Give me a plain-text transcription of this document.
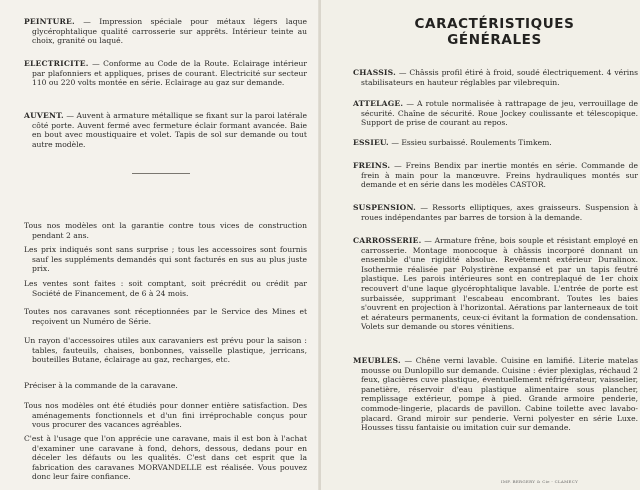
PEINTURE. — Impression spéciale pour métaux légers laque glycérophtalique qualité carrosserie sur apprêts. Intérieur teinte au choix, granité ou laqué.

ELECTRICITE. — Conforme au Code de la Route. Eclairage intérieur par plafonniers et appliques, prises de courant. Electricité sur secteur 110 ou 220 volts montée en série. Eclairage au gaz sur demande.

AUVENT. — Auvent à armature métallique se fixant sur la paroi latérale côté porte. Auvent fermé avec fermeture éclair formant avancée. Baie en bout avec moustiquaire et volet. Tapis de sol sur demande ou tout autre modèle.

Tous nos modèles ont la garantie contre tous vices de construction pendant 2 ans.

Les prix indiqués sont sans surprise ; tous les accessoires sont fournis sauf les suppléments demandés qui sont facturés en sus au plus juste prix.

Les ventes sont faites : soit comptant, soit précrédit ou crédit par Société de Financement, de 6 à 24 mois.

Toutes nos caravanes sont réceptionnées par le Service des Mines et reçoivent un Numéro de Série.

Un rayon d'accessoires utiles aux caravaniers est prévu pour la saison : tables, fauteuils, chaises, bonbonnes, vaisselle plastique, jerricans, bouteilles Butane, éclairage au gaz, recharges, etc.

Préciser à la commande de la caravane.

Tous nos modèles ont été étudiés pour donner entière satisfaction. Des aménagements fonctionnels et d'un fini irréprochable conçus pour vous procurer des vacances agréables.

C'est à l'usage que l'on apprécie une caravane, mais il est bon à l'achat d'examiner une caravane à fond, dehors, dessous, dedans pour en déceler les défauts ou les qualités. C'est dans cet esprit que la fabrication des caravanes MORVANDELLE est réalisée. Vous pouvez donc leur faire confiance.

CARACTÉRISTIQUES GÉNÉRALES

CHASSIS. — Châssis profil étiré à froid, soudé électriquement. 4 vérins stabilisateurs en hauteur réglables par vilebrequin.

ATTELAGE. — A rotule normalisée à rattrapage de jeu, verrouillage de sécurité. Chaîne de sécurité. Roue Jockey coulissante et télescopique. Support de prise de courant au repos.

ESSIEU. — Essieu surbaissé. Roulements Timkem.

FREINS. — Freins Bendix par inertie montés en série. Commande de frein à main pour la manœuvre. Freins hydrauliques montés sur demande et en série dans les modèles CASTOR.

SUSPENSION. — Ressorts elliptiques, axes graisseurs. Suspension à roues indépendantes par barres de torsion à la demande.

CARROSSERIE. — Armature frêne, bois souple et résistant employé en carrosserie. Montage monocoque à châssis incorporé donnant un ensemble d'une rigidité absolue. Revêtement extérieur Duralinox. Isothermie réalisée par Polystirène expansé et par un tapis feutré plastique. Les parois intérieures sont en contreplaqué de 1er choix recouvert d'une laque glycérophtalique lavable. L'entrée de porte est surbaissée, supprimant l'escabeau encombrant. Toutes les baies s'ouvrent en projection à l'horizontal. Aérations par lanterneaux de toit et aérateurs permanents, ceux-ci évitant la formation de condensation. Volets sur demande ou stores vénitiens.

MEUBLES. — Chêne verni lavable. Cuisine en lamifié. Literie matelas mousse ou Dunlopillo sur demande. Cuisine : évier plexiglas, réchaud 2 feux, glacières cuve plastique, éventuellement réfrigérateur, vaisselier, panetière, réservoir d'eau plastique alimentaire sous plancher, remplissage extérieur, pompe à pied. Grande armoire penderie, commode-lingerie, placards de pavillon. Cabine toilette avec lavabo-placard. Grand miroir sur penderie. Verni polyester en série Luxe. Housses tissu fantaisie ou imitation cuir sur demande.

IMP. BERGERY & Cie - CLAMECY
